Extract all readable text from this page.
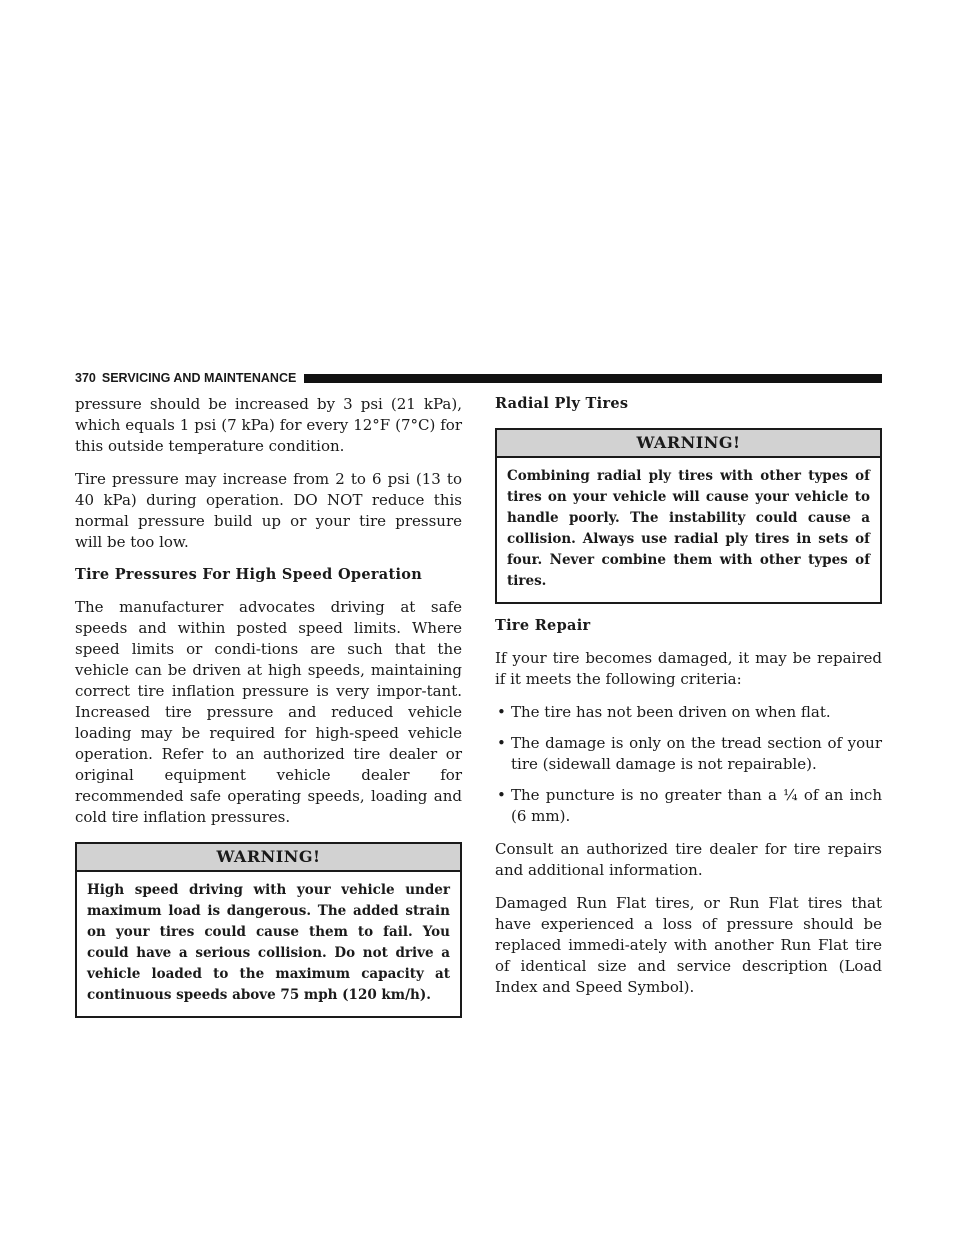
370 SERVICING AND MAINTENANCE

pressure should be increased by 3 psi (21 kPa), which equals 1 psi (7 kPa) for every 12°F (7°C) for this outside temperature condition.

Tire pressure may increase from 2 to 6 psi (13 to 40 kPa) during operation. DO NOT reduce this normal pressure build up or your tire pressure will be too low.

Tire Pressures For High Speed Operation

The manufacturer advocates driving at safe speeds and within posted speed limits. Where speed limits or condi-tions are such that the vehicle can be driven at high speeds, maintaining correct tire inflation pressure is very impor-tant. Increased tire pressure and reduced vehicle loading may be required for high-speed vehicle operation. Refer to an authorized tire dealer or original equipment vehicle dealer for recommended safe operating speeds, loading and cold tire inflation pressures.

WARNING!
High speed driving with your vehicle under maximum load is dangerous. The added strain on your tires could cause them to fail. You could have a serious collision. Do not drive a vehicle loaded to the maximum capacity at continuous speeds above 75 mph (120 km/h).
Radial Ply Tires
WARNING!
Combining radial ply tires with other types of tires on your vehicle will cause your vehicle to handle poorly. The instability could cause a collision. Always use radial ply tires in sets of four. Never combine them with other types of tires.
Tire Repair

If your tire becomes damaged, it may be repaired if it meets the following criteria:

• The tire has not been driven on when flat.
• The damage is only on the tread section of your tire (sidewall damage is not repairable).
• The puncture is no greater than a ¼ of an inch (6 mm).

Consult an authorized tire dealer for tire repairs and additional information.

Damaged Run Flat tires, or Run Flat tires that have experienced a loss of pressure should be replaced immedi-ately with another Run Flat tire of identical size and service description (Load Index and Speed Symbol).
